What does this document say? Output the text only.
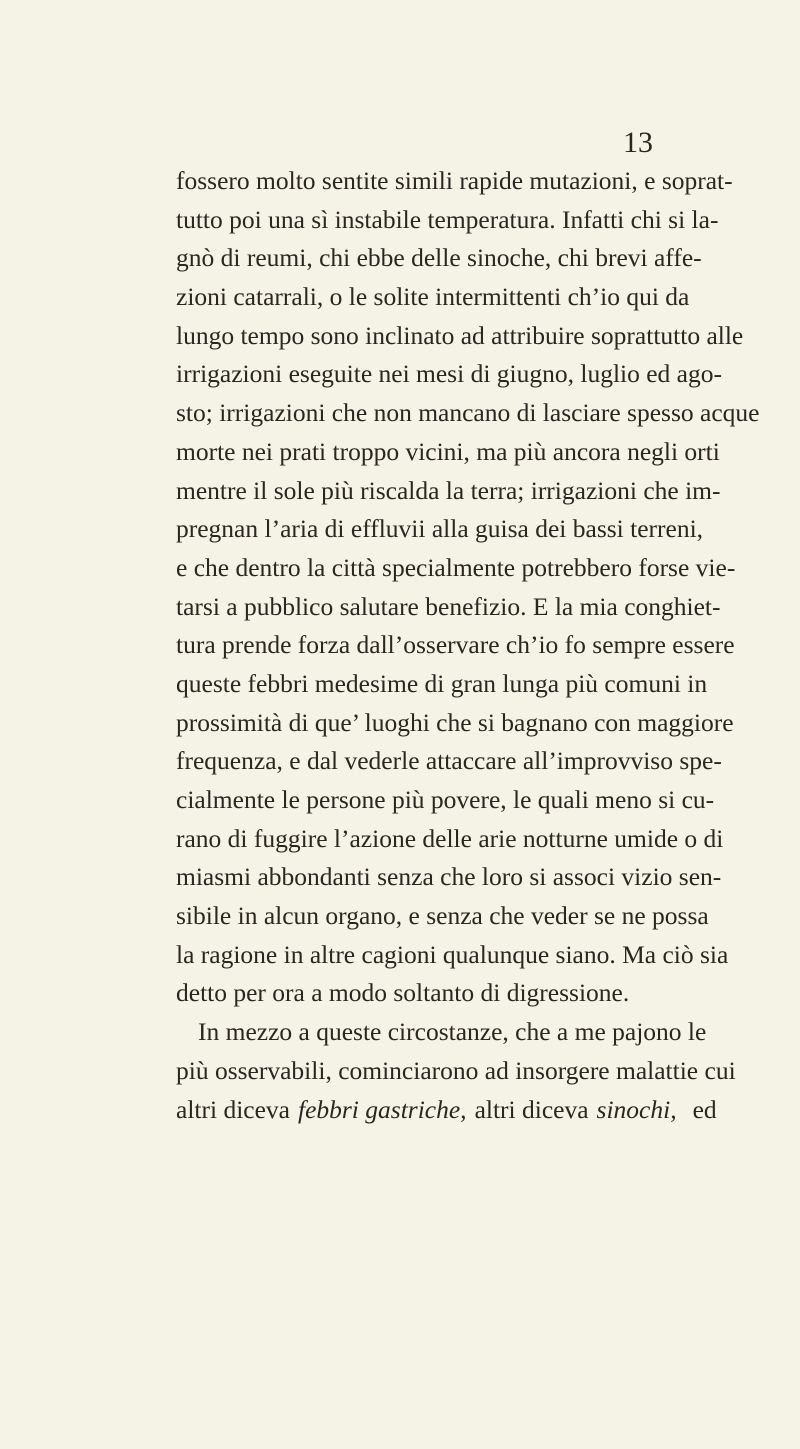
13
fossero molto sentite simili rapide mutazioni, e soprat-
tutto poi una sì instabile temperatura. Infatti chi si la-
gnò di reumi, chi ebbe delle sinoche, chi brevi affe-
zioni catarrali, o le solite intermittenti ch’io qui da
lungo tempo sono inclinato ad attribuire soprattutto alle
irrigazioni eseguite nei mesi di giugno, luglio ed ago-
sto; irrigazioni che non mancano di lasciare spesso acque
morte nei prati troppo vicini, ma più ancora negli orti
mentre il sole più riscalda la terra; irrigazioni che im-
pregnan l’aria di effluvii alla guisa dei bassi terreni,
e che dentro la città specialmente potrebbero forse vie-
tarsi a pubblico salutare benefizio. E la mia conghiet-
tura prende forza dall’osservare ch’io fo sempre essere
queste febbri medesime di gran lunga più comuni in
prossimità di que’ luoghi che si bagnano con maggiore
frequenza, e dal vederle attaccare all’improvviso spe-
cialmente le persone più povere, le quali meno si cu-
rano di fuggire l’azione delle arie notturne umide o di
miasmi abbondanti senza che loro si associ vizio sen-
sibile in alcun organo, e senza che veder se ne possa
la ragione in altre cagioni qualunque siano. Ma ciò sia
detto per ora a modo soltanto di digressione.
In mezzo a queste circostanze, che a me pajono le
più osservabili, cominciarono ad insorgere malattie cui
altri diceva febbri gastriche, altri diceva sinochi, ed
